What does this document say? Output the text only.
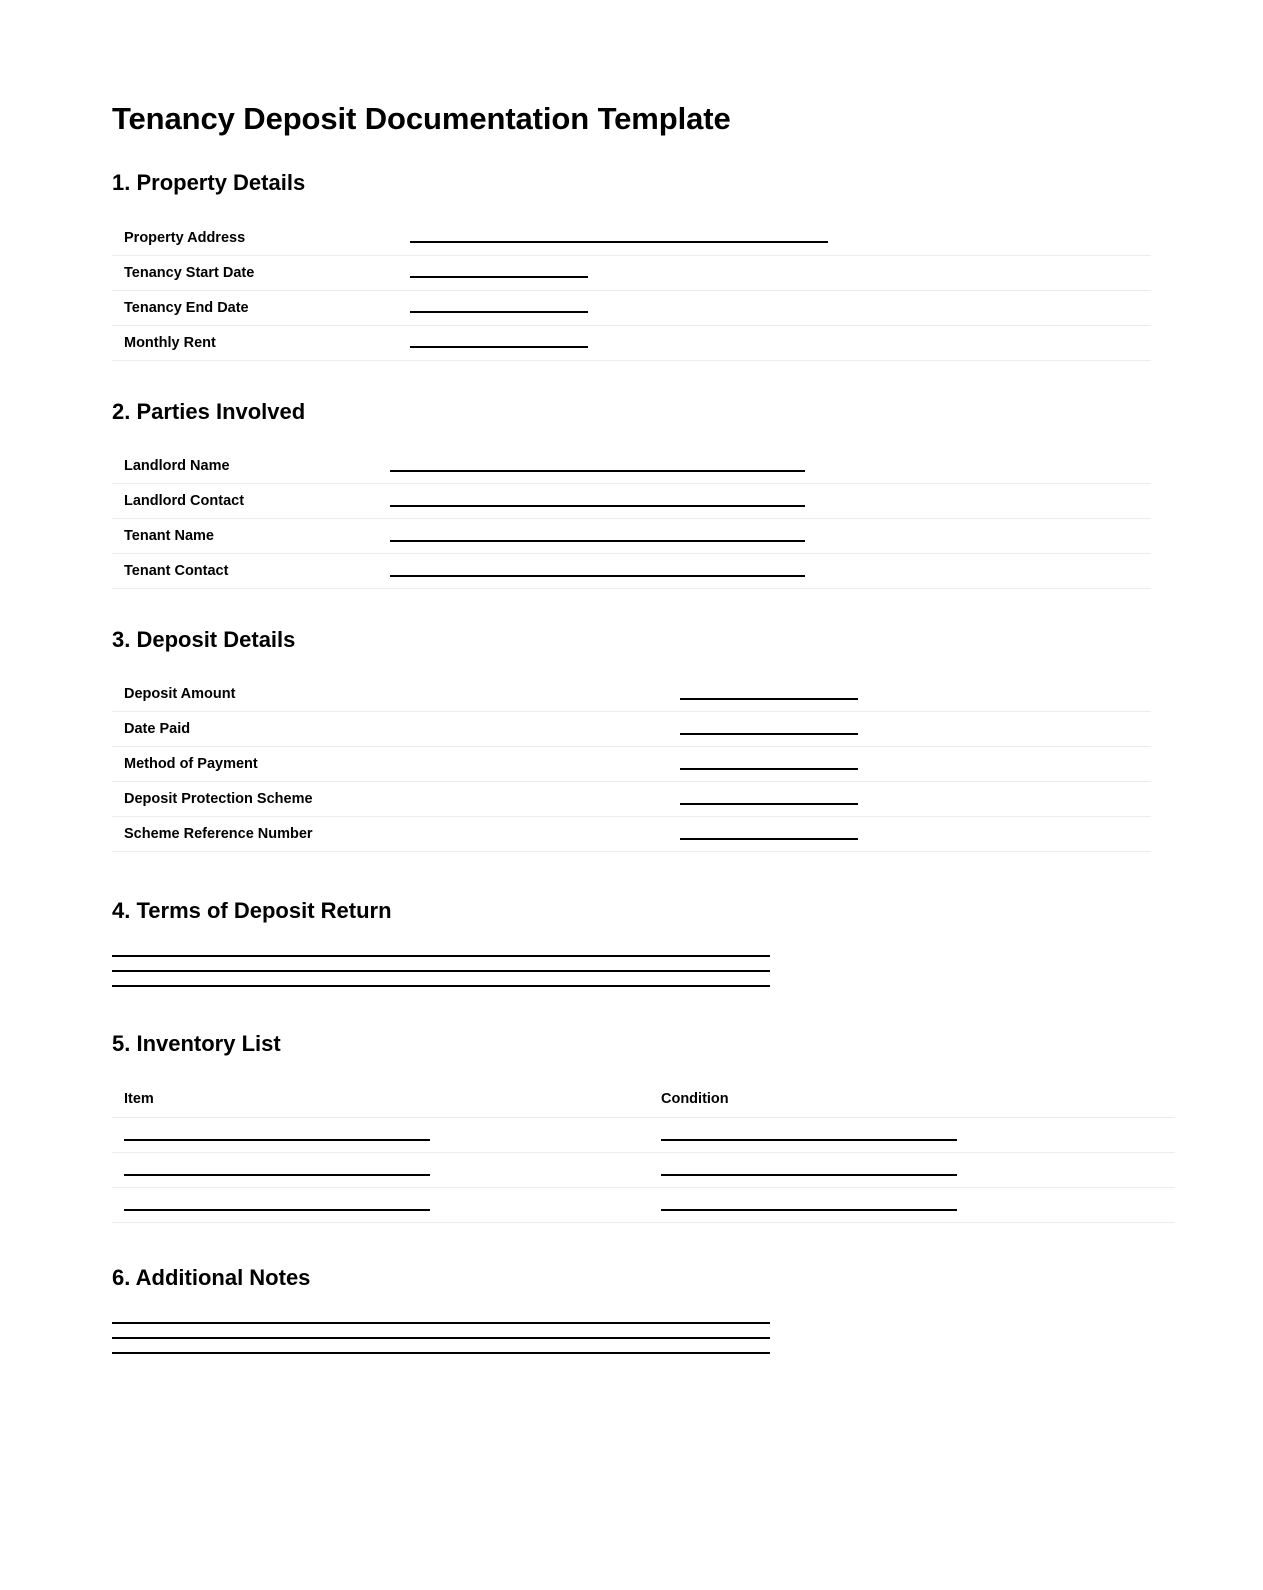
Tenancy Deposit Documentation Template
1. Property Details
Property Address	
Tenancy Start Date	
Tenancy End Date	
Monthly Rent	
2. Parties Involved
Landlord Name	
Landlord Contact	
Tenant Name	
Tenant Contact	
3. Deposit Details
Deposit Amount	
Date Paid	
Method of Payment	
Deposit Protection Scheme	
Scheme Reference Number	
4. Terms of Deposit Return
5. Inventory List
Item	Condition

6. Additional Notes
